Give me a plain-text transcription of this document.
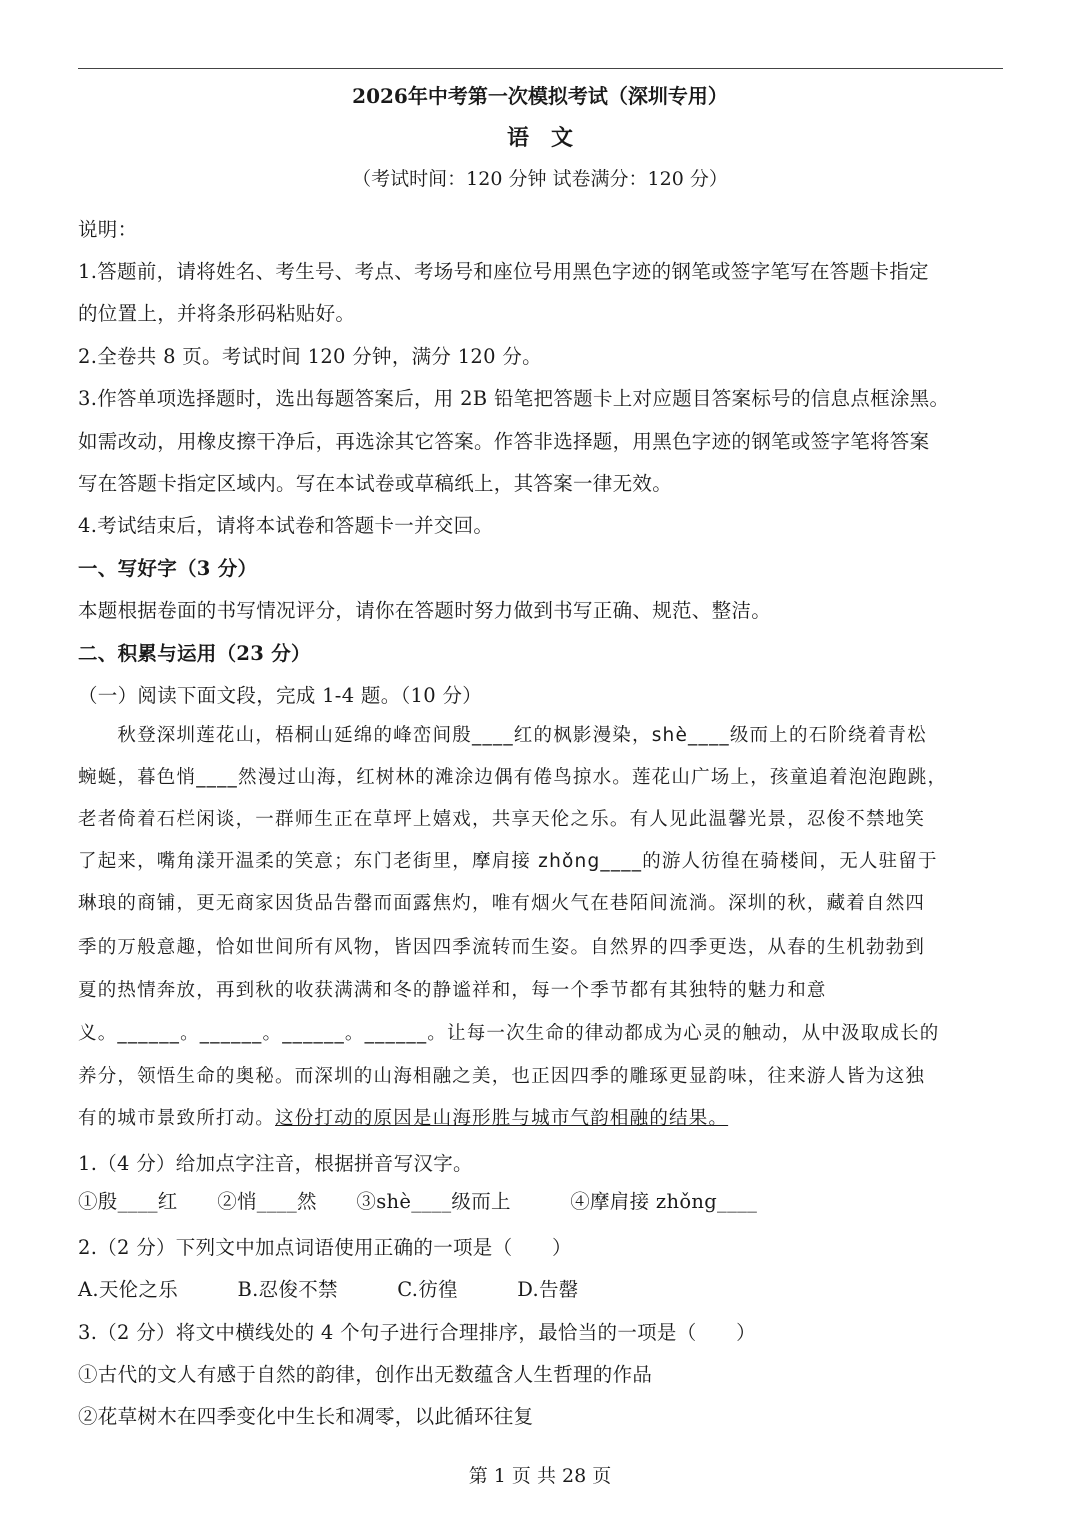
2026年中考第一次模拟考试（深圳专用）
语　文
（考试时间：120 分钟 试卷满分：120 分）
说明：
1.答题前，请将姓名、考生号、考点、考场号和座位号用黑色字迹的钢笔或签字笔写在答题卡指定
的位置上，并将条形码粘贴好。
2.全卷共 8 页。考试时间 120 分钟，满分 120 分。
3.作答单项选择题时，选出每题答案后，用 2B 铅笔把答题卡上对应题目答案标号的信息点框涂黑。
如需改动，用橡皮擦干净后，再选涂其它答案。作答非选择题，用黑色字迹的钢笔或签字笔将答案
写在答题卡指定区域内。写在本试卷或草稿纸上，其答案一律无效。
4.考试结束后，请将本试卷和答题卡一并交回。
一、写好字（3 分）
本题根据卷面的书写情况评分，请你在答题时努力做到书写正确、规范、整洁。
二、积累与运用（23 分）
（一）阅读下面文段，完成 1-4 题。（10 分）
　　秋登深圳莲花山，梧桐山延绵的峰峦间殷____红的枫影漫染，shè____级而上的石阶绕着青松
蜿蜒，暮色悄____然漫过山海，红树林的滩涂边偶有倦鸟掠水。莲花山广场上，孩童追着泡泡跑跳，
老者倚着石栏闲谈，一群师生正在草坪上嬉戏，共享天伦之乐。有人见此温馨光景，忍俊不禁地笑
了起来，嘴角漾开温柔的笑意；东门老街里，摩肩接 zhǒng____的游人彷徨在骑楼间，无人驻留于
琳琅的商铺，更无商家因货品告罄而面露焦灼，唯有烟火气在巷陌间流淌。深圳的秋，藏着自然四
季的万般意趣，恰如世间所有风物，皆因四季流转而生姿。自然界的四季更迭，从春的生机勃勃到
夏的热情奔放，再到秋的收获满满和冬的静谧祥和，每一个季节都有其独特的魅力和意
义。______。______。______。______。让每一次生命的律动都成为心灵的触动，从中汲取成长的
养分，领悟生命的奥秘。而深圳的山海相融之美，也正因四季的雕琢更显韵味，往来游人皆为这独
有的城市景致所打动。这份打动的原因是山海形胜与城市气韵相融的结果。
1.（4 分）给加点字注音，根据拼音写汉字。
①殷____红　　②悄____然　　③shè____级而上　　　④摩肩接 zhǒng____
2.（2 分）下列文中加点词语使用正确的一项是（　　）
A.天伦之乐　　　B.忍俊不禁　　　C.彷徨　　　D.告罄
3.（2 分）将文中横线处的 4 个句子进行合理排序，最恰当的一项是（　　）
①古代的文人有感于自然的韵律，创作出无数蕴含人生哲理的作品
②花草树木在四季变化中生长和凋零，以此循环往复
第 1 页 共 28 页
